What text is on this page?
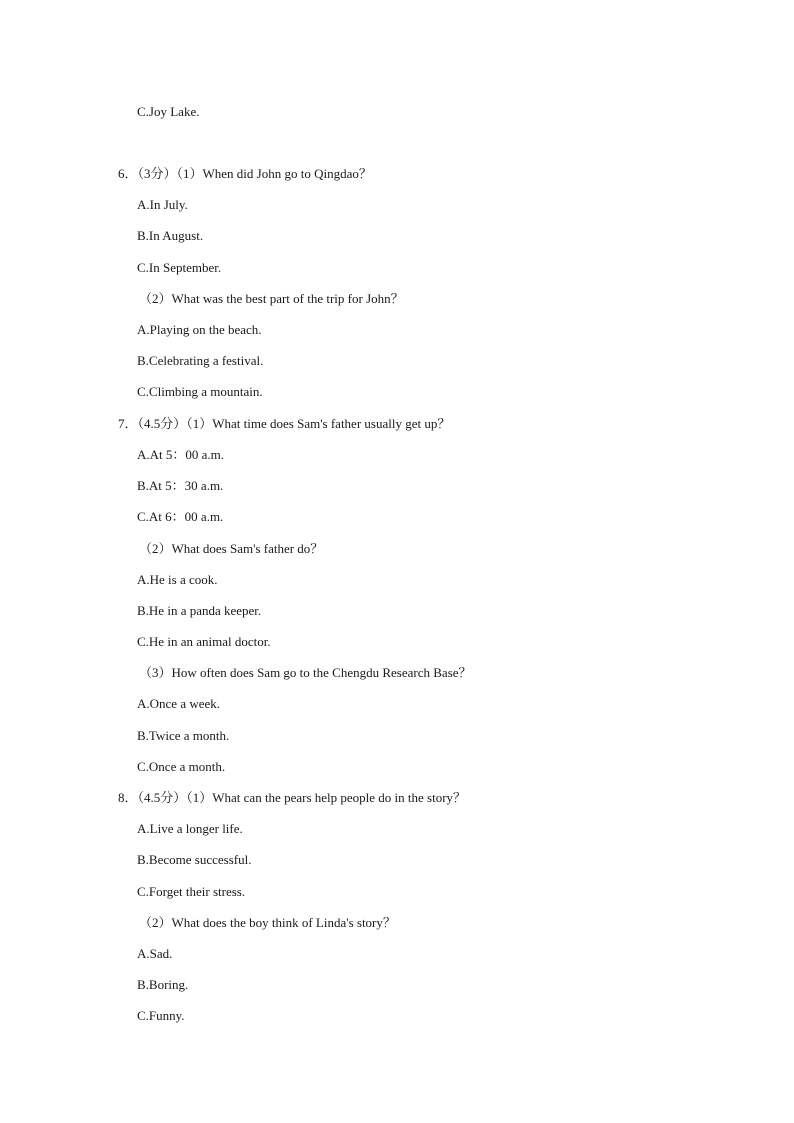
C.Joy Lake.
6．（3分）（1）When did John go to Qingdao？
A.In July.
B.In August.
C.In September.
（2）What was the best part of the trip for John？
A.Playing on the beach.
B.Celebrating a festival.
C.Climbing a mountain.
7．（4.5分）（1）What time does Sam's father usually get up？
A.At 5：00 a.m.
B.At 5：30 a.m.
C.At 6：00 a.m.
（2）What does Sam's father do？
A.He is a cook.
B.He in a panda keeper.
C.He in an animal doctor.
（3）How often does Sam go to the Chengdu Research Base？
A.Once a week.
B.Twice a month.
C.Once a month.
8．（4.5分）（1）What can the pears help people do in the story？
A.Live a longer life.
B.Become successful.
C.Forget their stress.
（2）What does the boy think of Linda's story？
A.Sad.
B.Boring.
C.Funny.
